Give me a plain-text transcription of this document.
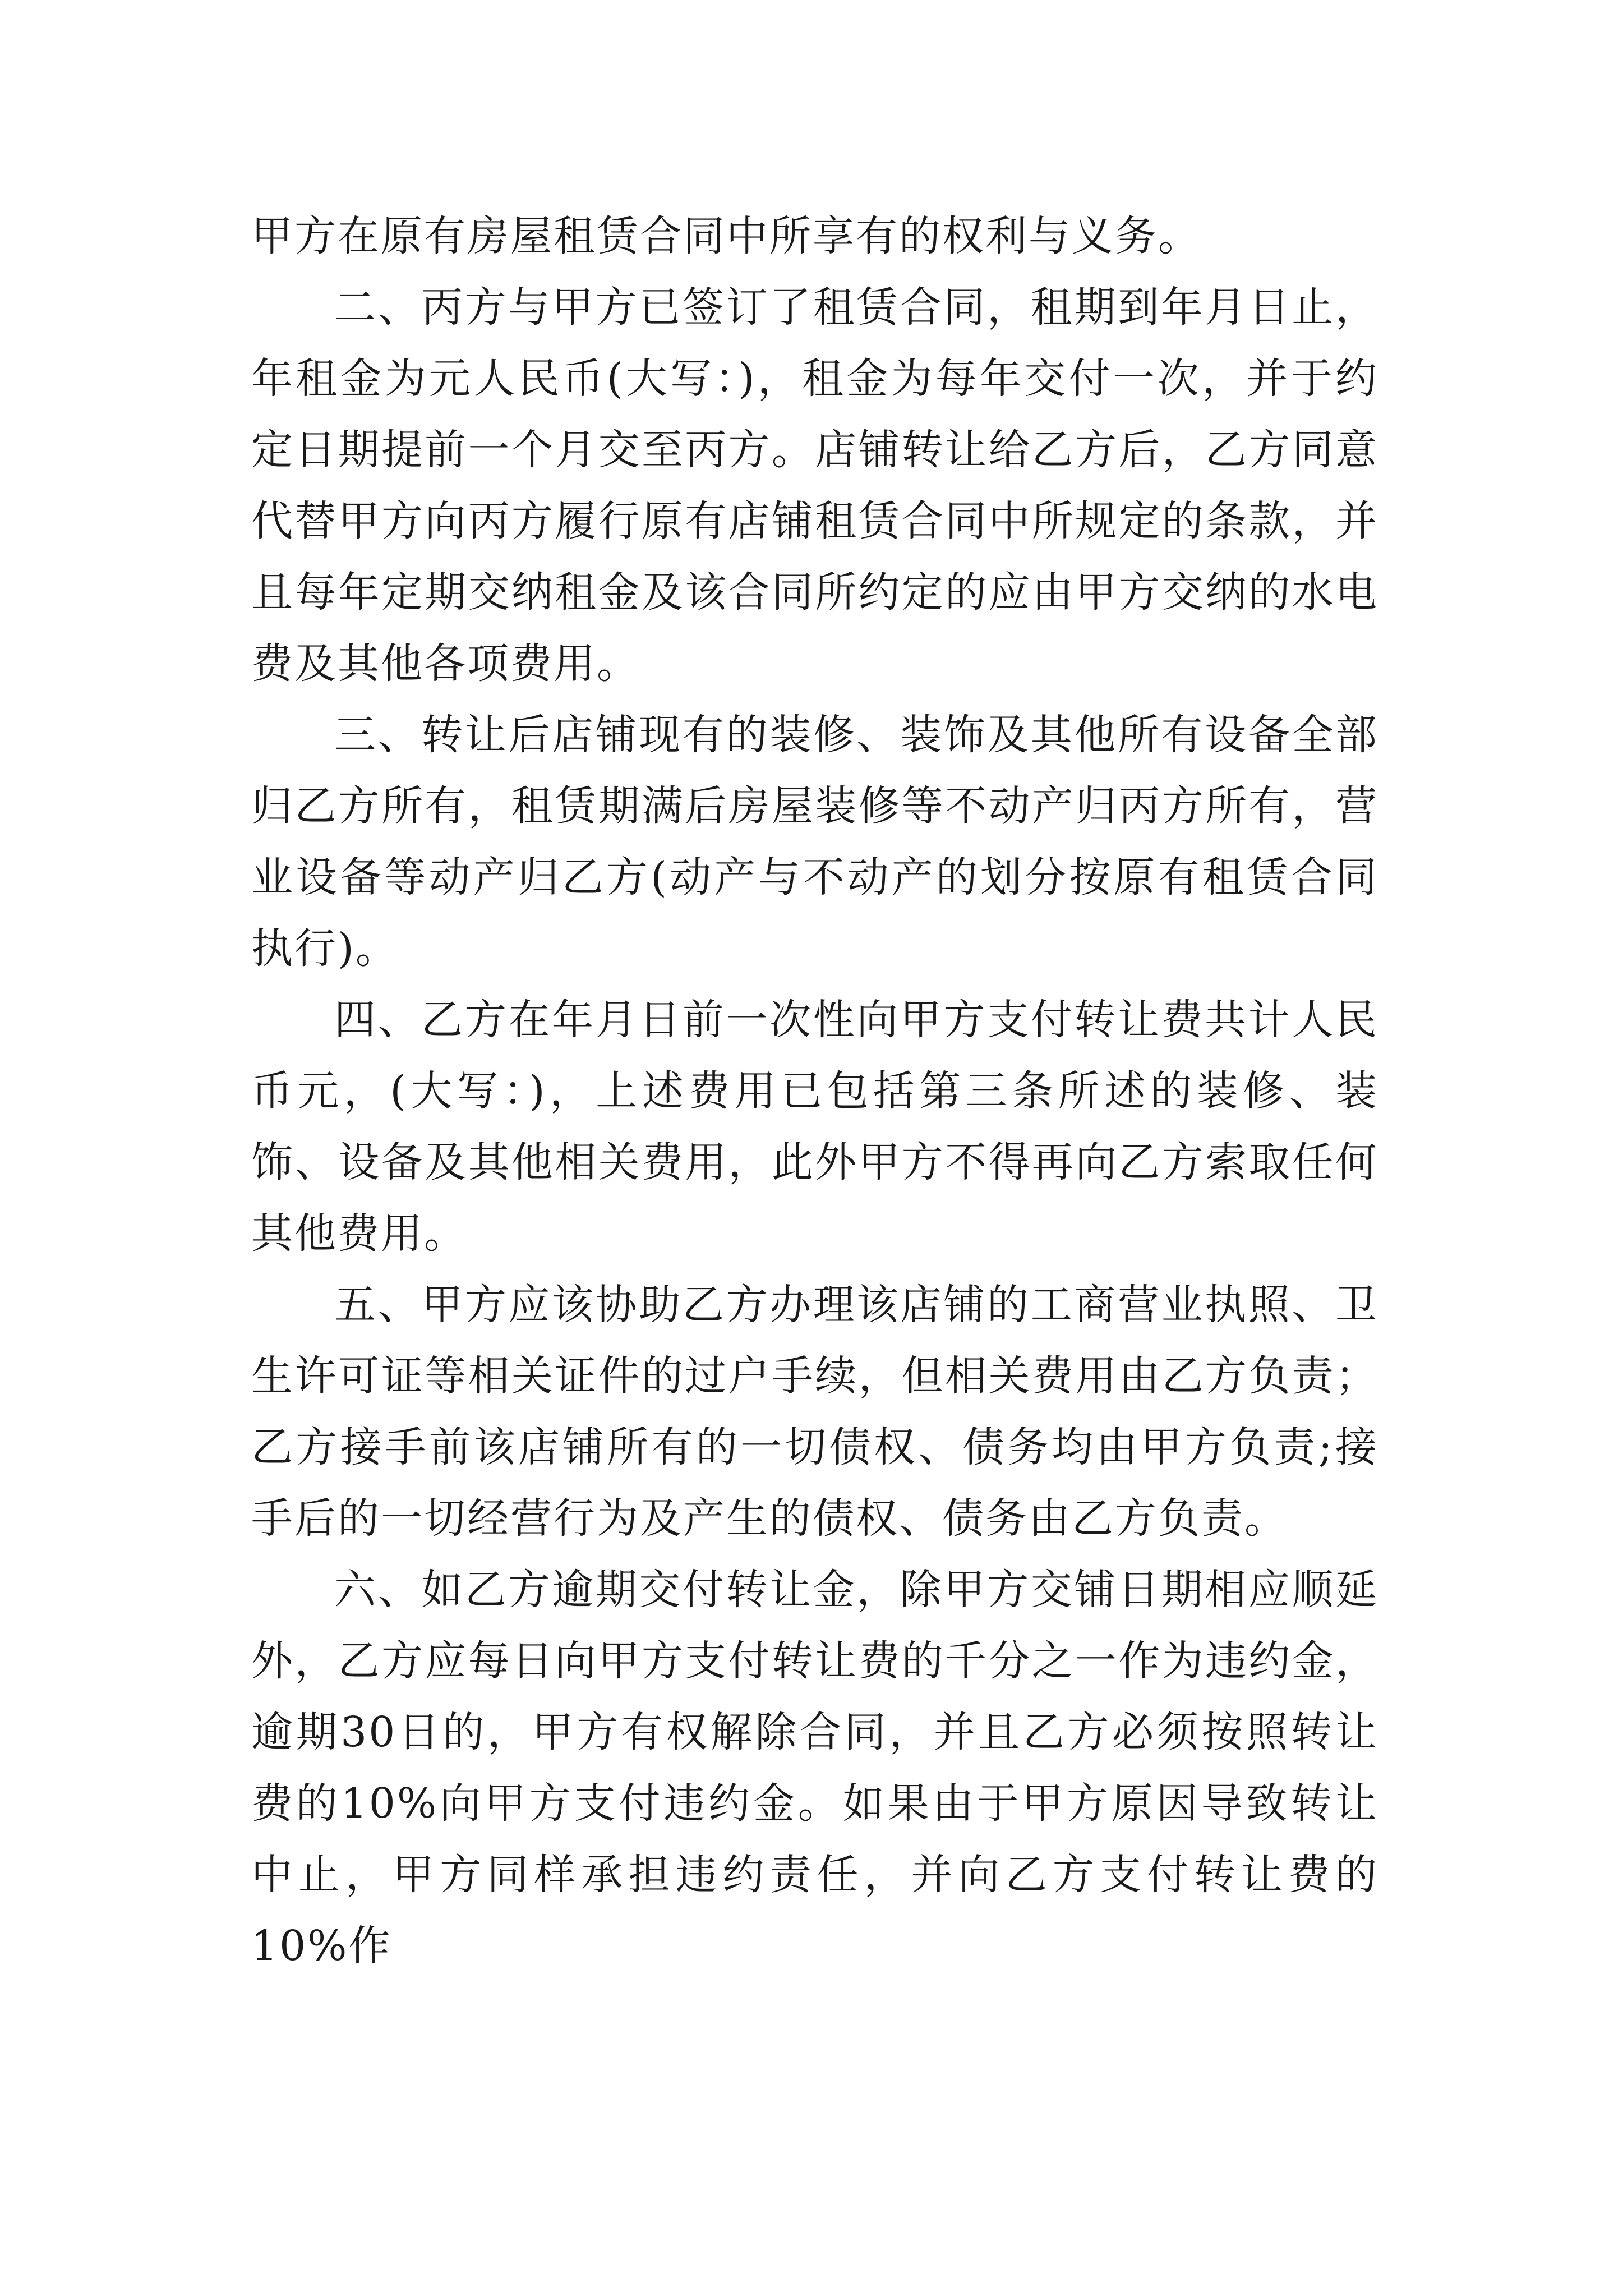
甲方在原有房屋租赁合同中所享有的权利与义务。

二、丙方与甲方已签订了租赁合同，租期到年月日止，年租金为元人民币(大写：)，租金为每年交付一次，并于约定日期提前一个月交至丙方。店铺转让给乙方后，乙方同意代替甲方向丙方履行原有店铺租赁合同中所规定的条款，并且每年定期交纳租金及该合同所约定的应由甲方交纳的水电费及其他各项费用。

三、转让后店铺现有的装修、装饰及其他所有设备全部归乙方所有，租赁期满后房屋装修等不动产归丙方所有，营业设备等动产归乙方(动产与不动产的划分按原有租赁合同执行)。

四、乙方在年月日前一次性向甲方支付转让费共计人民币元，(大写：)，上述费用已包括第三条所述的装修、装饰、设备及其他相关费用，此外甲方不得再向乙方索取任何其他费用。

五、甲方应该协助乙方办理该店铺的工商营业执照、卫生许可证等相关证件的过户手续，但相关费用由乙方负责；乙方接手前该店铺所有的一切债权、债务均由甲方负责;接手后的一切经营行为及产生的债权、债务由乙方负责。

六、如乙方逾期交付转让金，除甲方交铺日期相应顺延外，乙方应每日向甲方支付转让费的千分之一作为违约金，逾期30日的，甲方有权解除合同，并且乙方必须按照转让费的10%向甲方支付违约金。如果由于甲方原因导致转让中止，甲方同样承担违约责任，并向乙方支付转让费的10%作
